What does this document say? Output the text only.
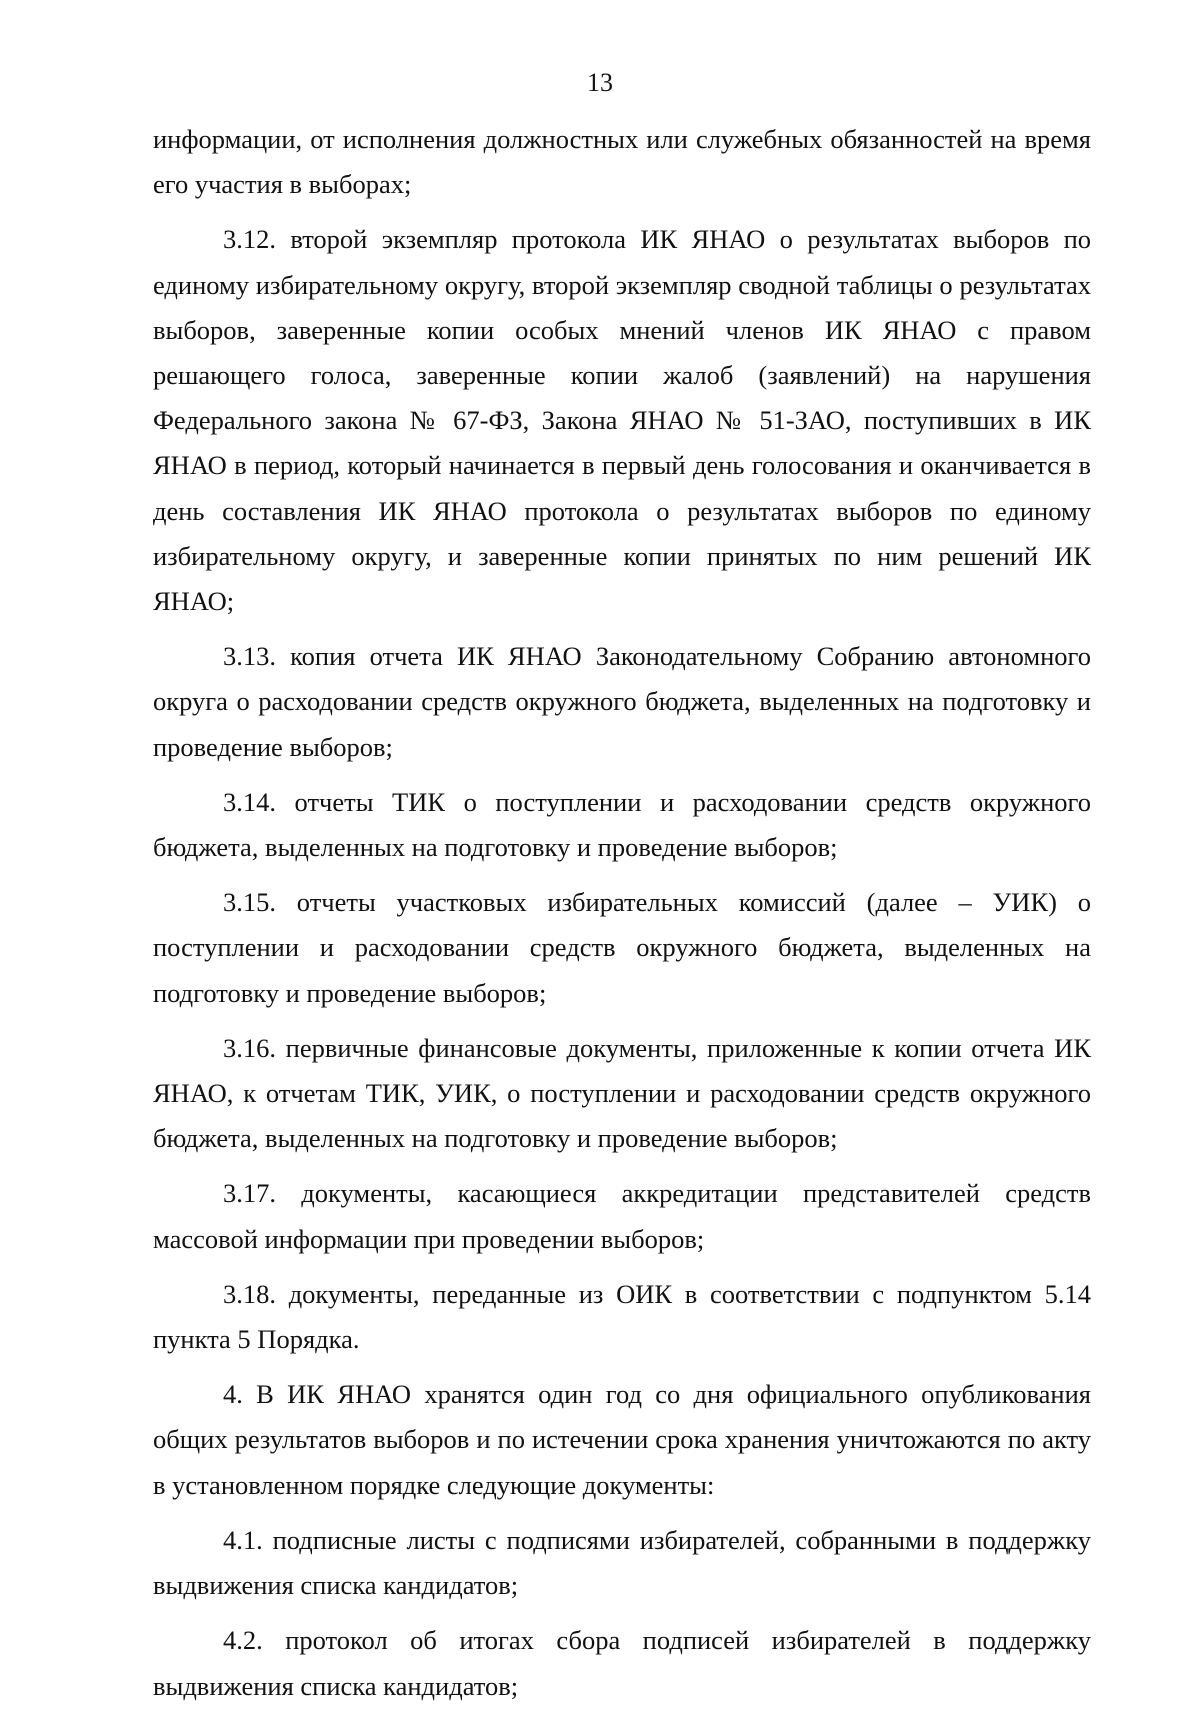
13

информации, от исполнения должностных или служебных обязанностей на время его участия в выборах;

3.12. второй экземпляр протокола ИК ЯНАО о результатах выборов по единому избирательному округу, второй экземпляр сводной таблицы о результатах выборов, заверенные копии особых мнений членов ИК ЯНАО с правом решающего голоса, заверенные копии жалоб (заявлений) на нарушения Федерального закона № 67-ФЗ, Закона ЯНАО № 51-ЗАО, поступивших в ИК ЯНАО в период, который начинается в первый день голосования и оканчивается в день составления ИК ЯНАО протокола о результатах выборов по единому избирательному округу, и заверенные копии принятых по ним решений ИК ЯНАО;

3.13. копия отчета ИК ЯНАО Законодательному Собранию автономного округа о расходовании средств окружного бюджета, выделенных на подготовку и проведение выборов;

3.14. отчеты ТИК о поступлении и расходовании средств окружного бюджета, выделенных на подготовку и проведение выборов;

3.15. отчеты участковых избирательных комиссий (далее – УИК) о поступлении и расходовании средств окружного бюджета, выделенных на подготовку и проведение выборов;

3.16. первичные финансовые документы, приложенные к копии отчета ИК ЯНАО, к отчетам ТИК, УИК, о поступлении и расходовании средств окружного бюджета, выделенных на подготовку и проведение выборов;

3.17. документы, касающиеся аккредитации представителей средств массовой информации при проведении выборов;

3.18. документы, переданные из ОИК в соответствии с подпунктом 5.14 пункта 5 Порядка.

4. В ИК ЯНАО хранятся один год со дня официального опубликования общих результатов выборов и по истечении срока хранения уничтожаются по акту в установленном порядке следующие документы:

4.1. подписные листы с подписями избирателей, собранными в поддержку выдвижения списка кандидатов;

4.2. протокол об итогах сбора подписей избирателей в поддержку выдвижения списка кандидатов;
